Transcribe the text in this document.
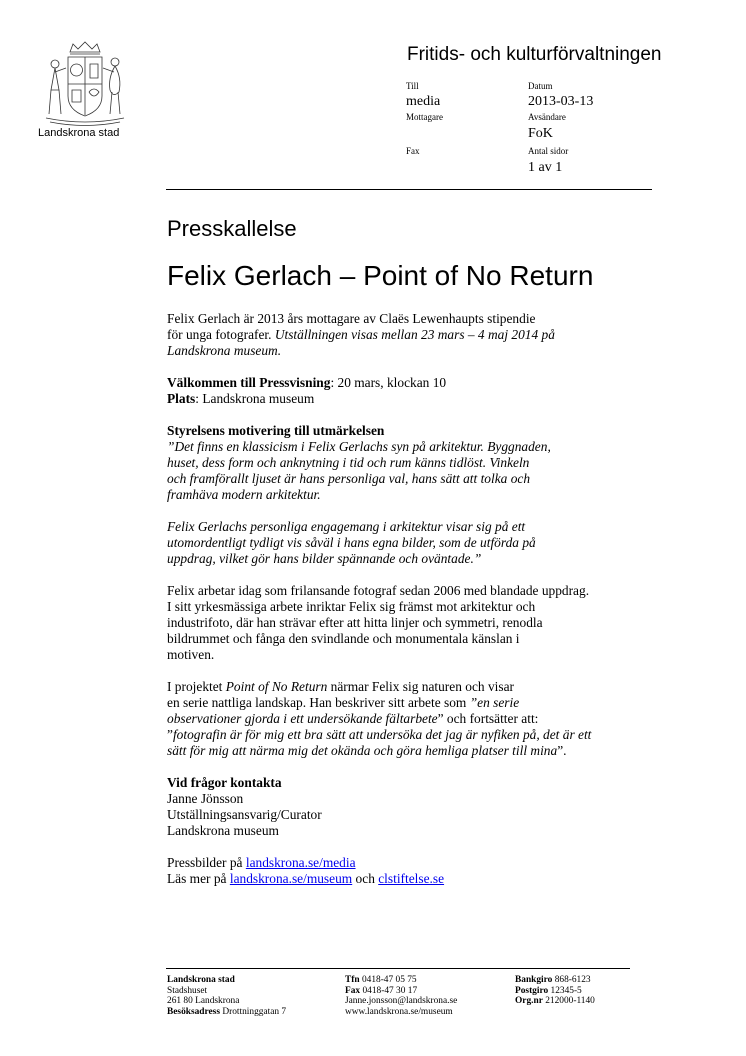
Landskrona stad
Fritids- och kulturförvaltningen
Till
media
Mottagare
Fax
Datum
2013-03-13
Avsändare
FoK
Antal sidor
1 av 1
Presskallelse
Felix Gerlach – Point of No Return

Felix Gerlach är 2013 års mottagare av Claës Lewenhaupts stipendie
för unga fotografer. Utställningen visas mellan 23 mars – 4 maj 2014 på
Landskrona museum.

Välkommen till Pressvisning: 20 mars, klockan 10
Plats: Landskrona museum

Styrelsens motivering till utmärkelsen
”Det finns en klassicism i Felix Gerlachs syn på arkitektur. Byggnaden,
huset, dess form och anknytning i tid och rum känns tidlöst. Vinkeln
och framförallt ljuset är hans personliga val, hans sätt att tolka och
framhäva modern arkitektur.

Felix Gerlachs personliga engagemang i arkitektur visar sig på ett
utomordentligt tydligt vis såväl i hans egna bilder, som de utförda på
uppdrag, vilket gör hans bilder spännande och oväntade.”

Felix arbetar idag som frilansande fotograf sedan 2006 med blandade uppdrag.
I sitt yrkesmässiga arbete inriktar Felix sig främst mot arkitektur och
industrifoto, där han strävar efter att hitta linjer och symmetri, renodla
bildrummet och fånga den svindlande och monumentala känslan i
motiven.

I projektet Point of No Return närmar Felix sig naturen och visar
en serie nattliga landskap. Han beskriver sitt arbete som ”en serie
observationer gjorda i ett undersökande fältarbete” och fortsätter att:
”fotografin är för mig ett bra sätt att undersöka det jag är nyfiken på, det är ett
sätt för mig att närma mig det okända och göra hemliga platser till mina”.

Vid frågor kontakta
Janne Jönsson
Utställningsansvarig/Curator
Landskrona museum

Pressbilder på landskrona.se/media
Läs mer på landskrona.se/museum och clstiftelse.se

Landskrona stad
Stadshuset
261 80 Landskrona
Besöksadress Drottninggatan 7
Tfn 0418-47 05 75
Fax 0418-47 30 17
Janne.jonsson@landskrona.se
www.landskrona.se/museum
Bankgiro 868-6123
Postgiro 12345-5
Org.nr 212000-1140
